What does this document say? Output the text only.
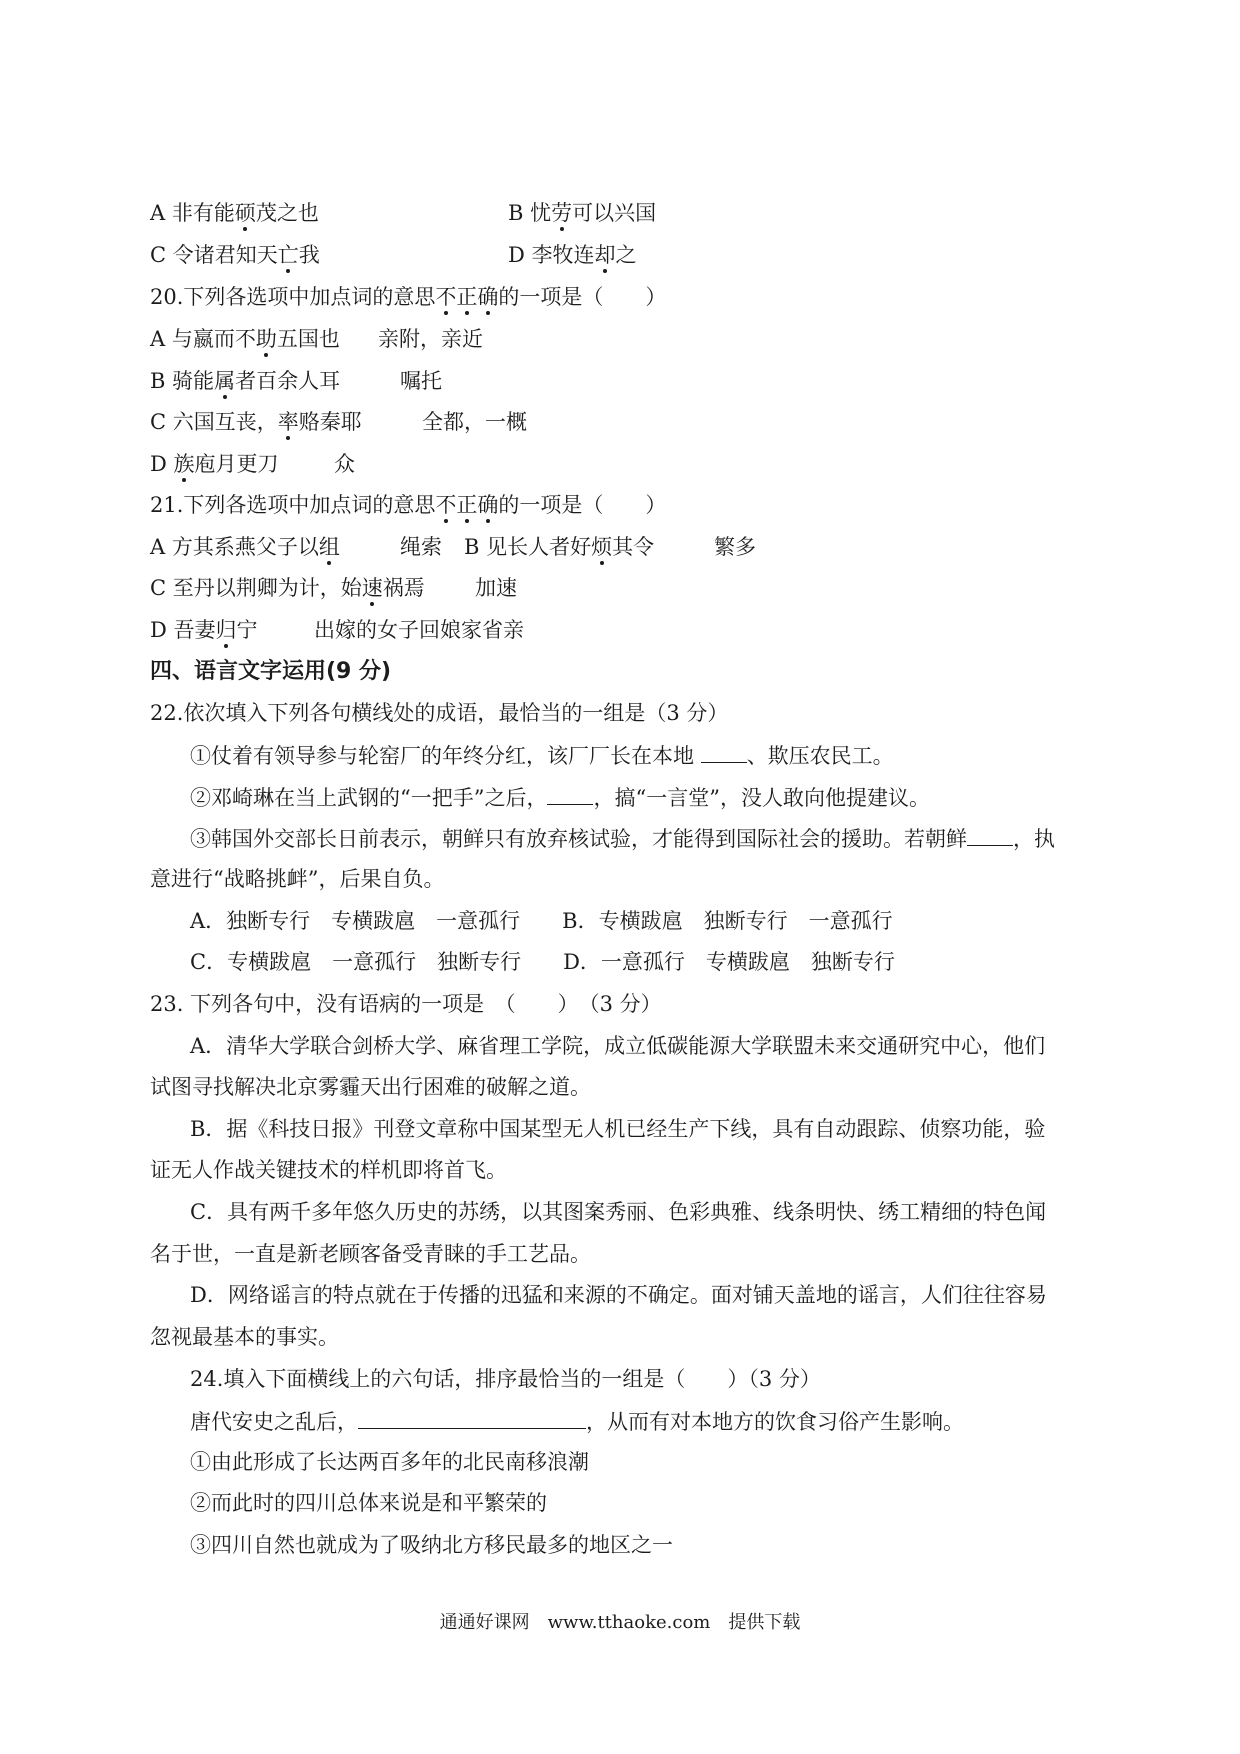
A 非有能硕茂之也	B 忧劳可以兴国
C 令诸君知天亡我	D 李牧连却之
20.下列各选项中加点词的意思不正确的一项是（　　）
A 与嬴而不助五国也 亲附，亲近
B 骑能属者百余人耳	嘱托
C 六国互丧，率赂秦耶	全都，一概
D 族庖月更刀	众
21.下列各选项中加点词的意思不正确的一项是（　　）
A 方其系燕父子以组	绳索 B 见长人者好烦其令	繁多
C 至丹以荆卿为计，始速祸焉 加速
D 吾妻归宁	出嫁的女子回娘家省亲
四、语言文字运用(9 分)
22.依次填入下列各句横线处的成语，最恰当的一组是（3 分）
①仗着有领导参与轮窑厂的年终分红，该厂厂长在本地 、欺压农民工。
②邓崎琳在当上武钢的“一把手”之后， ，搞“一言堂”，没人敢向他提建议。
③韩国外交部长日前表示，朝鲜只有放弃核试验，才能得到国际社会的援助。若朝鲜 ，执
意进行“战略挑衅”，后果自负。
A．独断专行　专横跋扈　一意孤行　　B．专横跋扈　独断专行　一意孤行
C．专横跋扈　一意孤行　独断专行　　D．一意孤行　专横跋扈　独断专行
23. 下列各句中，没有语病的一项是　（　　）　（3 分）
A．清华大学联合剑桥大学、麻省理工学院，成立低碳能源大学联盟未来交通研究中心，他们
试图寻找解决北京雾霾天出行困难的破解之道。
B．据《科技日报》刊登文章称中国某型无人机已经生产下线，具有自动跟踪、侦察功能，验
证无人作战关键技术的样机即将首飞。
C．具有两千多年悠久历史的苏绣，以其图案秀丽、色彩典雅、线条明快、绣工精细的特色闻
名于世，一直是新老顾客备受青睐的手工艺品。
D．网络谣言的特点就在于传播的迅猛和来源的不确定。面对铺天盖地的谣言，人们往往容易
忽视最基本的事实。
24.填入下面横线上的六句话，排序最恰当的一组是（　　）（3 分）
唐代安史之乱后，	，从而有对本地方的饮食习俗产生影响。
①由此形成了长达两百多年的北民南移浪潮
②而此时的四川总体来说是和平繁荣的
③四川自然也就成为了吸纳北方移民最多的地区之一
通通好课网　www.tthaoke.com　提供下载
